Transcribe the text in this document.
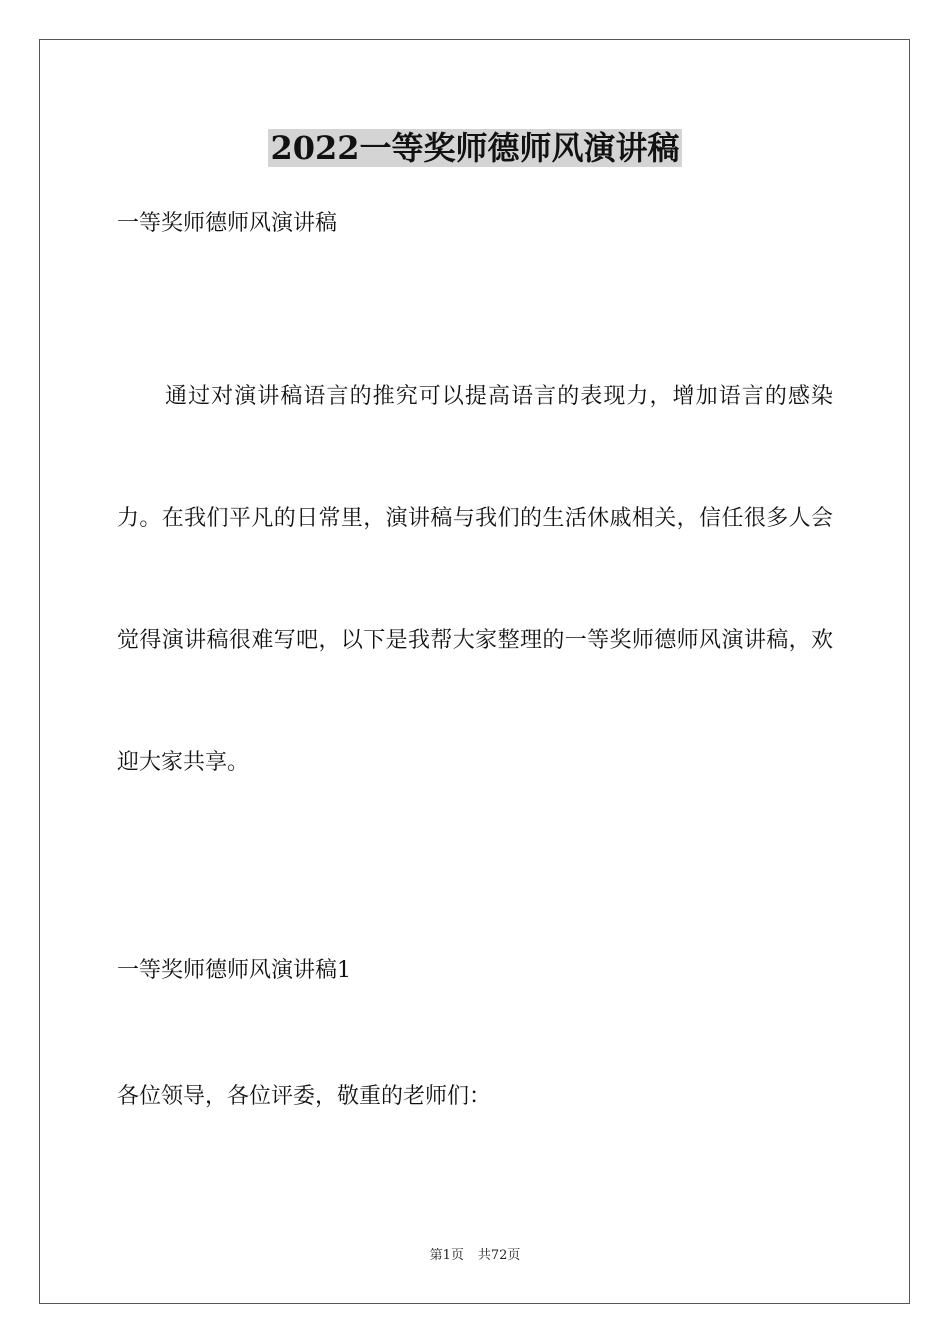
2022一等奖师德师风演讲稿
一等奖师德师风演讲稿

通过对演讲稿语言的推究可以提高语言的表现力，增加语言的感染力。在我们平凡的日常里，演讲稿与我们的生活休戚相关，信任很多人会觉得演讲稿很难写吧，以下是我帮大家整理的一等奖师德师风演讲稿，欢迎大家共享。

一等奖师德师风演讲稿1
各位领导，各位评委，敬重的老师们：
第1页 共72页
